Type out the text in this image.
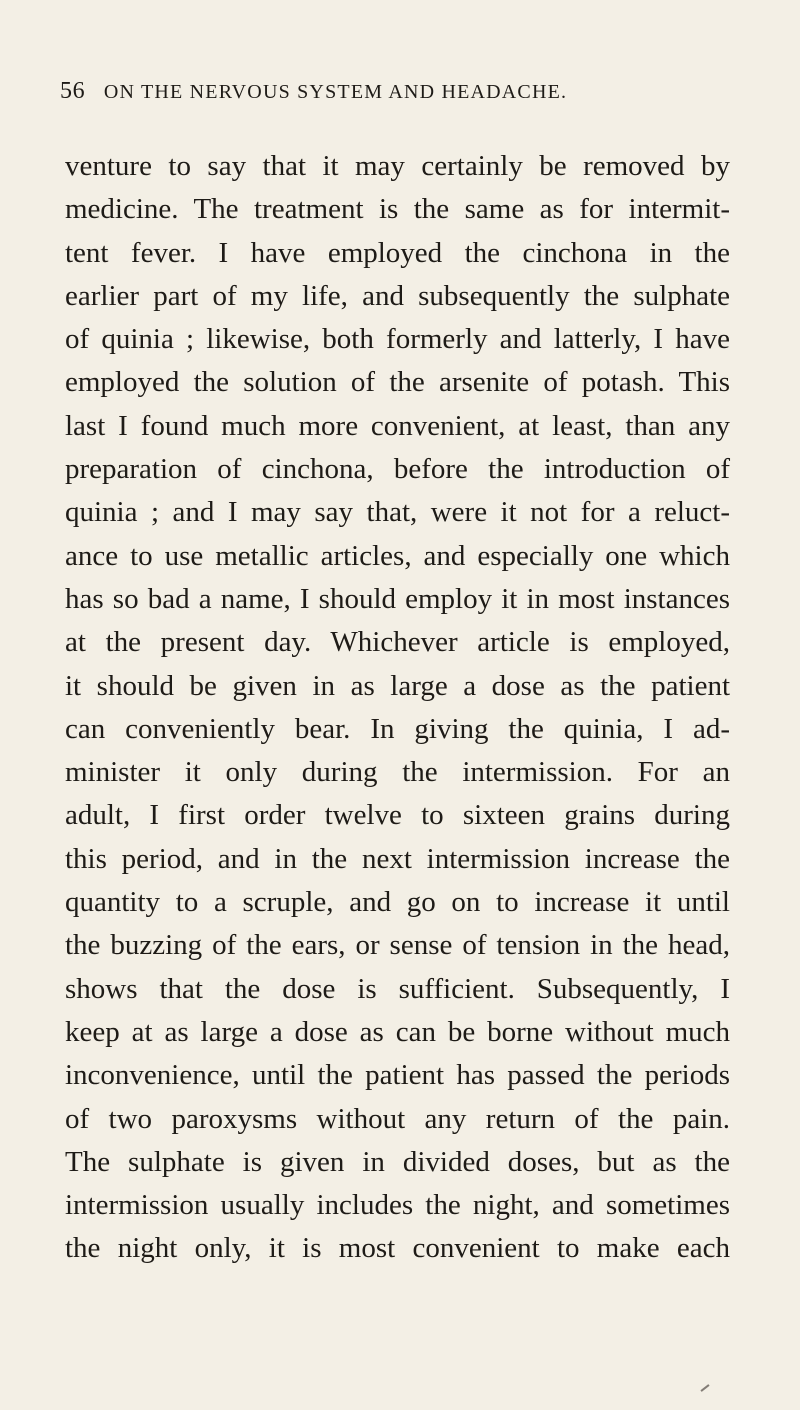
56 ON THE NERVOUS SYSTEM AND HEADACHE.
venture to say that it may certainly be removed by
medicine. The treatment is the same as for intermit-
tent fever. I have employed the cinchona in the
earlier part of my life, and subsequently the sulphate
of quinia ; likewise, both formerly and latterly, I have
employed the solution of the arsenite of potash. This
last I found much more convenient, at least, than any
preparation of cinchona, before the introduction of
quinia ; and I may say that, were it not for a reluct-
ance to use metallic articles, and especially one which
has so bad a name, I should employ it in most instances
at the present day. Whichever article is employed,
it should be given in as large a dose as the patient
can conveniently bear. In giving the quinia, I ad-
minister it only during the intermission. For an
adult, I first order twelve to sixteen grains during
this period, and in the next intermission increase the
quantity to a scruple, and go on to increase it until
the buzzing of the ears, or sense of tension in the head,
shows that the dose is sufficient. Subsequently, I
keep at as large a dose as can be borne without much
inconvenience, until the patient has passed the periods
of two paroxysms without any return of the pain.
The sulphate is given in divided doses, but as the
intermission usually includes the night, and sometimes
the night only, it is most convenient to make each
